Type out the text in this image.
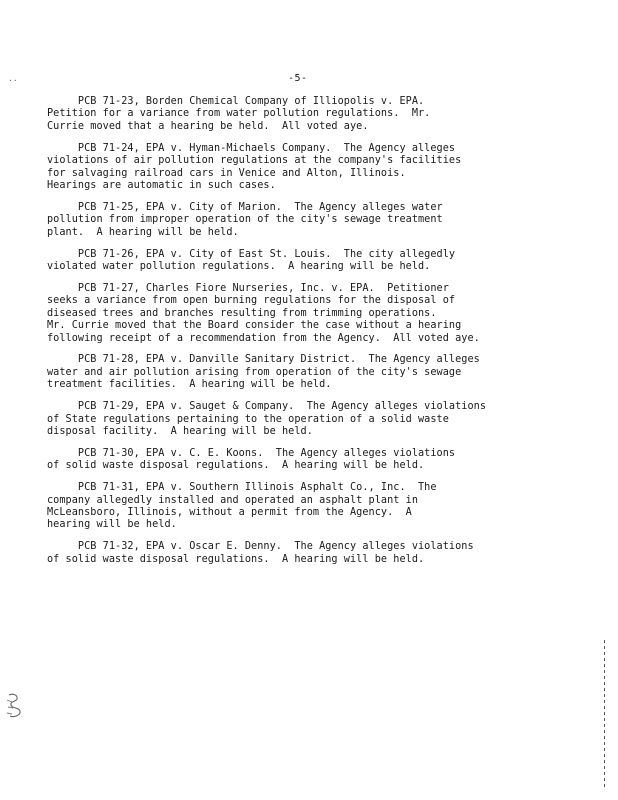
..	-5-
PCB 71-23, Borden Chemical Company of Illiopolis v. EPA.
Petition for a variance from water pollution regulations.  Mr.
Currie moved that a hearing be held.  All voted aye.
PCB 71-24, EPA v. Hyman-Michaels Company.  The Agency alleges
violations of air pollution regulations at the company's facilities
for salvaging railroad cars in Venice and Alton, Illinois.
Hearings are automatic in such cases.
PCB 71-25, EPA v. City of Marion.  The Agency alleges water
pollution from improper operation of the city's sewage treatment
plant.  A hearing will be held.
PCB 71-26, EPA v. City of East St. Louis.  The city allegedly
violated water pollution regulations.  A hearing will be held.
PCB 71-27, Charles Fiore Nurseries, Inc. v. EPA.  Petitioner
seeks a variance from open burning regulations for the disposal of
diseased trees and branches resulting from trimming operations.
Mr. Currie moved that the Board consider the case without a hearing
following receipt of a recommendation from the Agency.  All voted aye.
PCB 71-28, EPA v. Danville Sanitary District.  The Agency alleges
water and air pollution arising from operation of the city's sewage
treatment facilities.  A hearing will be held.
PCB 71-29, EPA v. Sauget & Company.  The Agency alleges violations
of State regulations pertaining to the operation of a solid waste
disposal facility.  A hearing will be held.
PCB 71-30, EPA v. C. E. Koons.  The Agency alleges violations
of solid waste disposal regulations.  A hearing will be held.
PCB 71-31, EPA v. Southern Illinois Asphalt Co., Inc.  The
company allegedly installed and operated an asphalt plant in
McLeansboro, Illinois, without a permit from the Agency.  A
hearing will be held.
PCB 71-32, EPA v. Oscar E. Denny.  The Agency alleges violations
of solid waste disposal regulations.  A hearing will be held.
